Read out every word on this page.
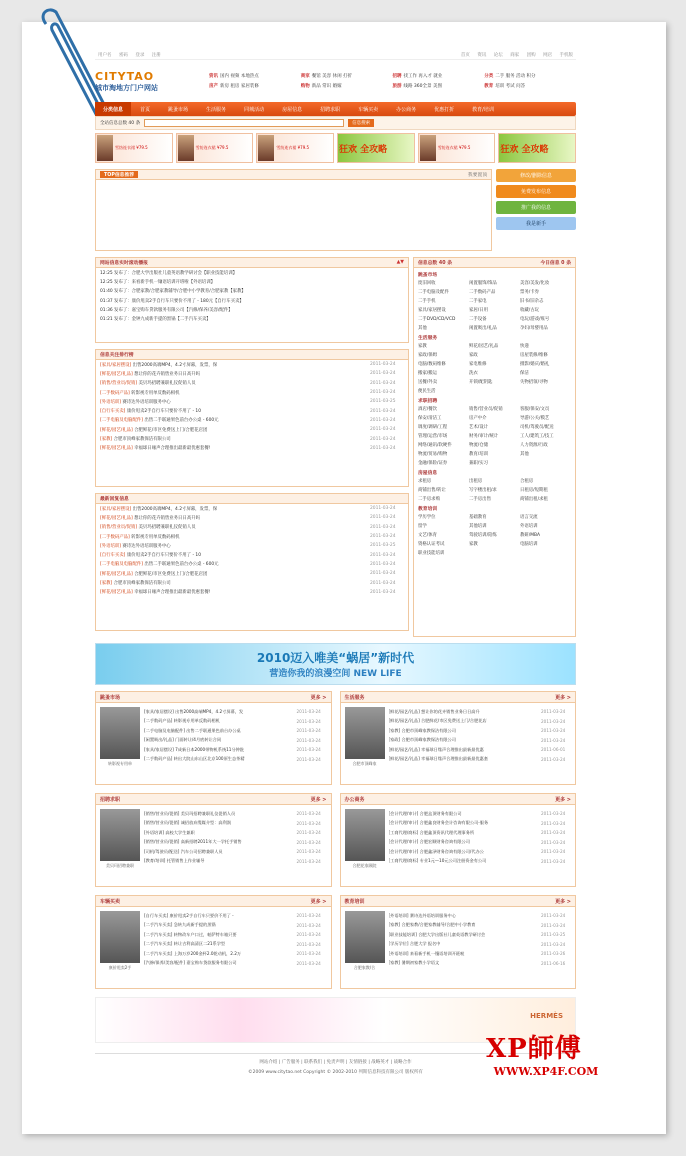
用户名 密码 登录 注册	首页 资讯 论坛 商家 团购 网店 手机版
CITYTAO
城市淘地方门户网站
资讯 国内 视频 本地热点	商家 餐馆 美容 休闲 打折	招聘 找工作 再入才 就业	分类 二手 服务 活动 积分
房产 新房 租房 家居装修	购物 新品 常识 婚嫁	旅游 线路 360全景 美图	教育 培训 考试 问答
分类信息	首页	跳蚤市场	生活服务	同城活动	房屋信息	招聘求职	车辆买卖	办公商务	优惠打折	教育/培训
全站信息总数 40 条	信息搜索
雪纺连衣裙 ¥79.5	雪纺连衣裙 ¥79.5	雪纺连衣裙 ¥79.5	狂欢 全攻略	雪纺连衣裙 ¥79.5	狂欢 全攻略
TOP信息推荐	我要置顶	修改/删除信息
免费发布信息
推广我的信息
我是新手
网站信息实时滚动播报	▲▼
12:25 发布了：合肥大学出版社儿童英语教学研讨会【职业技能培训】
12:25 发布了：来看新手机一镶语培训开班啦【外语培训】
01:40 发布了：合肥家教/合肥家教辅导/合肥中小学教育/合肥家教【家教】
01:37 发布了：康价甩卖2手自行车只要价不用了 - 180元【自行车买卖】
01:36 发布了：嘉宝购车贷款服务有限公司【汽修/保养/美容/配件】
01:21 发布了：金钟九成新手提的黑锅【二手汽车买卖】
信息关注排行榜
[家具/家居摆设] 出售2000高端MP4，4.2寸屏幕，发票，保	2011-03-24
[鲜花/园艺/礼品] 想让你的花卉销售业务日日高升吗	2011-03-24
[销售/营业员/促销] 美贝玛招聘兼职礼仪促销人员	2011-03-24
[二手数码产品] 转影视专用单反数码相机	2011-03-24
[外语培训] 赛诗达外语培训服务中心	2011-03-25
[自行车买卖] 康价甩卖2手自行车只要价不用了 - 10	2011-03-24
[二手电脑及电脑配件] 出售二手联通果色前台办公桌 - 600元	2011-03-24
[鲜花/园艺/礼品] 合肥鲜花/市区免费送上门/合肥花店团	2011-03-24
[家教] 合肥市顶峰家教保洁有限公司	2011-03-24
[鲜花/园艺/礼品] 幸福球日缘声合理推出最新最优惠套餐!	2011-03-24
最新回复信息
[家具/家居摆设] 出售2000高端MP4，4.2寸屏幕，发票，保	2011-03-24
[鲜花/园艺/礼品] 想让你的花卉销售业务日日高升吗	2011-03-24
[销售/营业员/促销] 美贝玛招聘兼职礼仪促销人员	2011-03-24
[二手数码产品] 转影视专用单反数码相机	2011-03-24
[外语培训] 赛诗达外语培训服务中心	2011-03-25
[自行车买卖] 康价甩卖2手自行车只要价不用了 - 10	2011-03-24
[二手电脑及电脑配件] 出售二手联通果色前台办公桌 - 600元	2011-03-24
[鲜花/园艺/礼品] 合肥鲜花/市区免费送上门/合肥花店团	2011-03-24
[家教] 合肥市顶峰家教保洁有限公司	2011-03-24
[鲜花/园艺/礼品] 幸福球日缘声合理推出最新最优惠套餐!	2011-03-24
信息总数 40 条	今日信息 0 条
跳蚤市场
废旧回收	闲置服饰/饰品	美容/美发/化妆
二手电脑及配件	二手数码产品	票务/卡券
二手手机	二手家电	旧书/旧杂志
家具/家居摆设	家居/日用	收藏/古玩
二手DVD/CD/VCD	二手设备	电玩/游戏/账号
其他	闲置吸出/礼品	孕妇/母婴用品
生活服务
家教	鲜花/园艺/礼品	快递
家政/保姆	家政	房屋装修/维修
电脑/数码维修	家电维修	摄影/婚庆/婚礼
搬家/搬运	洗衣	保洁
送餐/外卖	开锁/配钥匙	失物招领/寻物
便民生活
求职招聘
酒店/餐饮	销售/营业员/促销	客服/保安/文员
保安/清洁工	房产中介	导游/公关/模艺
调度/调研/工程	艺术/设计	司机/驾驶员/配送
管理/运营/市场	财务/审计/统计	工人/建筑工/技工
网络/通讯/软硬件	物流/仓储	人力资源/行政
物流/贸易/购物	教育/培训	其他
金融/保险/证券	兼职/实习
房屋信息
求租房	出租房	合租房
商铺出售/转让	写字楼出租/求	日租房/短期租
二手房求购	二手房出售	商铺出租/求租
教育培训
学历学位	基础教育	语言交流
留学	其他培训	外语培训
文艺/体育	驾驶培训/陪练	教研/MBA
资格认证考试	家教	电脑培训
职业技能培训
2010迈入唯美“蜗居”新时代
营造你我的浪漫空间 NEW LIFE
跳蚤市场	更多 >
转影视专用单
[家具/家居摆设] 出售2000高端MP4，4.2寸屏幕，发	2011-03-24
[二手数码产品] 转影视专用单反数码相机	2011-03-24
[二手电脑及电脑配件] 出售二手联通果色前台办公桌	2011-03-24
[闲置吸出/礼品] 门面转让/4月底转让合同	2011-03-24
[家具/家居摆设] 7成新日本2000带物机系统11分钟批	2011-03-24
[二手数码产品] 转出大院山东山区北京100原生态茶精	2011-03-24
生活服务	更多 >
合肥市顶峰家
[鲜花/园艺/礼品] 想让你的花卉销售业务日日高升	2011-03-24
[鲜花/园艺/礼品] 合肥鲜花/市区免费送上门/合肥花店	2011-03-24
[家教] 合肥市顶峰家教保洁有限公司	2011-03-24
[家政] 合肥市顶峰家教保洁有限公司	2011-03-24
[鲜花/园艺/礼品] 幸福球日缘声合理推出最新最优惠	2011-06-01
[鲜花/园艺/礼品] 幸福球日缘声合理推出最新最优惠套	2011-03-24
招聘求职	更多 >
美贝玛招聘兼职
[销售/营业员/促销] 美贝玛招聘兼职礼仪促销人员	2011-03-24
[销售/营业员/促销] 诚招放弃缆媒介型：高利润	2011-03-24
[外语培训] 高校大学生兼职	2011-03-24
[销售/营业员/促销] 高新招聘2011年大一学托手销售	2011-03-24
[司机/驾驶员/配送] 汽车公司招聘兼职人员	2011-03-24
[教育/培训] 托管销售上作业辅导	2011-03-24
办公商务	更多 >
合肥花家顾院
[会计代理/审计] 合肥盒顶财务有限公司	2011-03-24
[会计代理/审计] 合肥鑫良财务会计咨询有限公司-服务	2011-03-24
[工商代理/商标] 合肥鑫顶资讯代理代理事务所	2011-03-24
[会计代理/审计] 合肥宏顺财务咨询有限公司	2011-03-24
[会计代理/审计] 合肥鑫泽财务咨询有限公司/代办公	2011-03-24
[工商代理/商标] 专业1元—10元公司注册资金有公司	2011-03-24
车辆买卖	更多 >
康价甩卖2手
[自行车买卖] 康价甩卖2手自行车只要价不用了 -	2011-03-24
[二手汽车买卖] 急转九成新手提的黑锅	2011-03-24
[二手汽车买卖] 转物改车户口过，帕萨特车箱只要	2011-03-24
[二手汽车买卖] 转让吉利高清区二21系学型	2011-03-24
[二手汽车买卖] 上海万岁200金杯2.0乾动机，2.2万	2011-03-24
[汽修/保养/美容/配件] 嘉宝购车贷款服务有限公司	2011-03-24
教育培训	更多 >
合肥家教/合
[外语培训] 赛诗达外语培训服务中心	2011-03-24
[家教] 合肥家教/合肥家教辅导/合肥中小学教育	2011-03-24
[职业技能培训] 合肥大学出版社儿童英语教学研讨会	2011-03-25
[学历学位] 合肥大学 报名中	2011-03-24
[外语培训] 来看新手机一镶语培训开班啦	2011-03-26
[家教] 暑期初家教小学语文	2011-06-16
HERMÈS
网站介绍 | 广告服务 | 联系我们 | 免责声明 | 友情链接 | 战略英才 | 战略合作
©2009 www.citytao.net Copyright © 2002-2010 列斯信息科技有限公司 版权所有
XP師傅
WWW.XP4F.COM
